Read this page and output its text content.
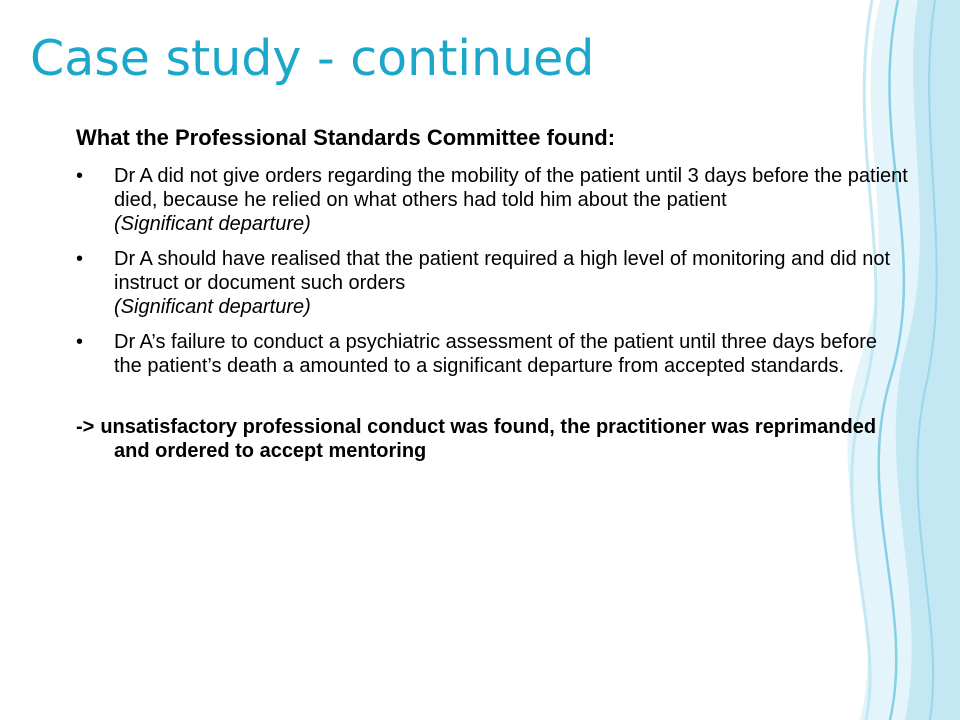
Case study - continued
What the Professional Standards Committee found:
• Dr A did not give orders regarding the mobility of the patient until 3 days before the patient died, because he relied on what others had told him about the patient
(Significant departure)
• Dr A should have realised that the patient required a high level of monitoring and did not instruct or document such orders
(Significant departure)
• Dr A’s failure to conduct a psychiatric assessment of the patient until three days before the patient’s death a amounted to a significant departure from accepted standards.

-> unsatisfactory professional conduct was found, the practitioner was reprimanded and ordered to accept mentoring
